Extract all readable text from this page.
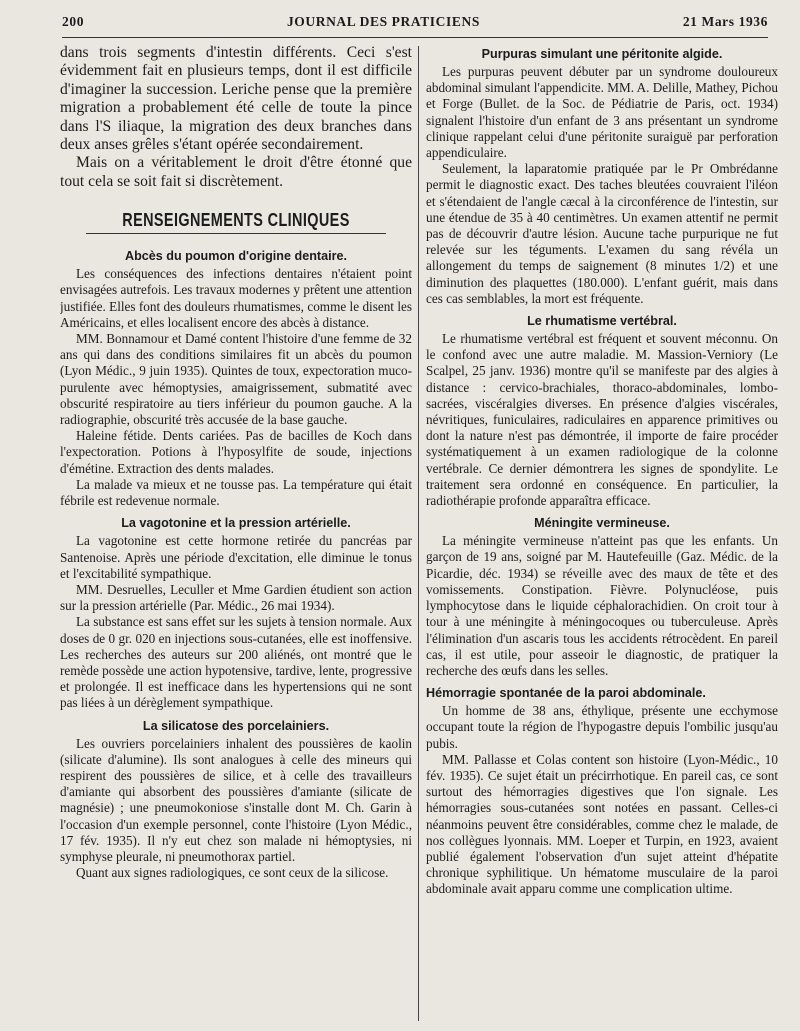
200	JOURNAL DES PRATICIENS	21 Mars 1936

dans trois segments d'intestin différents. Ceci s'est évidemment fait en plusieurs temps, dont il est difficile d'imaginer la succession. Leriche pense que la première migration a probablement été celle de toute la pince dans l'S iliaque, la migration des deux branches dans deux anses grêles s'étant opérée secondairement.

Mais on a véritablement le droit d'être étonné que tout cela se soit fait si discrètement.

RENSEIGNEMENTS CLINIQUES
Abcès du poumon d'origine dentaire.

Les conséquences des infections dentaires n'étaient point envisagées autrefois. Les travaux modernes y prêtent une attention justifiée. Elles font des douleurs rhumatismes, comme le disent les Américains, et elles localisent encore des abcès à distance.

MM. Bonnamour et Damé content l'histoire d'une femme de 32 ans qui dans des conditions similaires fit un abcès du poumon (Lyon Médic., 9 juin 1935). Quintes de toux, expectoration muco-purulente avec hémoptysies, amaigrissement, submatité avec obscurité respiratoire au tiers inférieur du poumon gauche. A la radiographie, obscurité très accusée de la base gauche.

Haleine fétide. Dents cariées. Pas de bacilles de Koch dans l'expectoration. Potions à l'hyposylfite de soude, injections d'émétine. Extraction des dents malades.

La malade va mieux et ne tousse pas. La température qui était fébrile est redevenue normale.

La vagotonine et la pression artérielle.

La vagotonine est cette hormone retirée du pancréas par Santenoise. Après une période d'excitation, elle diminue le tonus et l'excitabilité sympathique.

MM. Desruelles, Leculler et Mme Gardien étudient son action sur la pression artérielle (Par. Médic., 26 mai 1934).

La substance est sans effet sur les sujets à tension normale. Aux doses de 0 gr. 020 en injections sous-cutanées, elle est inoffensive. Les recherches des auteurs sur 200 aliénés, ont montré que le remède possède une action hypotensive, tardive, lente, progressive et prolongée. Il est inefficace dans les hypertensions qui ne sont pas liées à un dérèglement sympathique.

La silicatose des porcelainiers.

Les ouvriers porcelainiers inhalent des poussières de kaolin (silicate d'alumine). Ils sont analogues à celle des mineurs qui respirent des poussières de silice, et à celle des travailleurs d'amiante qui absorbent des poussières d'amiante (silicate de magnésie) ; une pneumokoniose s'installe dont M. Ch. Garin à l'occasion d'un exemple personnel, conte l'histoire (Lyon Médic., 17 fév. 1935). Il n'y eut chez son malade ni hémoptysies, ni symphyse pleurale, ni pneumothorax partiel.

Quant aux signes radiologiques, ce sont ceux de la silicose.

Purpuras simulant une péritonite algide.

Les purpuras peuvent débuter par un syndrome douloureux abdominal simulant l'appendicite. MM. A. Delille, Mathey, Pichou et Forge (Bullet. de la Soc. de Pédiatrie de Paris, oct. 1934) signalent l'histoire d'un enfant de 3 ans présentant un syndrome clinique rappelant celui d'une péritonite suraiguë par perforation appendiculaire.

Seulement, la laparatomie pratiquée par le Pr Ombrédanne permit le diagnostic exact. Des taches bleutées couvraient l'iléon et s'étendaient de l'angle cæcal à la circonférence de l'intestin, sur une étendue de 35 à 40 centimètres. Un examen attentif ne permit pas de découvrir d'autre lésion. Aucune tache purpurique ne fut relevée sur les téguments. L'examen du sang révéla un allongement du temps de saignement (8 minutes 1/2) et une diminution des plaquettes (180.000). L'enfant guérit, mais dans ces cas semblables, la mort est fréquente.

Le rhumatisme vertébral.

Le rhumatisme vertébral est fréquent et souvent méconnu. On le confond avec une autre maladie. M. Massion-Verniory (Le Scalpel, 25 janv. 1936) montre qu'il se manifeste par des algies à distance : cervico-brachiales, thoraco-abdominales, lombo-sacrées, viscéralgies diverses. En présence d'algies viscérales, névritiques, funiculaires, radiculaires en apparence primitives ou dont la nature n'est pas démontrée, il importe de faire procéder systématiquement à un examen radiologique de la colonne vertébrale. Ce dernier démontrera les signes de spondylite. Le traitement sera ordonné en conséquence. En particulier, la radiothérapie profonde apparaîtra efficace.

Méningite vermineuse.

La méningite vermineuse n'atteint pas que les enfants. Un garçon de 19 ans, soigné par M. Hautefeuille (Gaz. Médic. de la Picardie, déc. 1934) se réveille avec des maux de tête et des vomissements. Constipation. Fièvre. Polynucléose, puis lymphocytose dans le liquide céphalorachidien. On croit tour à tour à une méningite à méningocoques ou tuberculeuse. Après l'élimination d'un ascaris tous les accidents rétrocèdent. En pareil cas, il est utile, pour asseoir le diagnostic, de pratiquer la recherche des œufs dans les selles.

Hémorragie spontanée de la paroi abdominale.

Un homme de 38 ans, éthylique, présente une ecchymose occupant toute la région de l'hypogastre depuis l'ombilic jusqu'au pubis.

MM. Pallasse et Colas content son histoire (Lyon-Médic., 10 fév. 1935). Ce sujet était un précirrhotique. En pareil cas, ce sont surtout des hémorragies digestives que l'on signale. Les hémorragies sous-cutanées sont notées en passant. Celles-ci néanmoins peuvent être considérables, comme chez le malade, de nos collègues lyonnais. MM. Loeper et Turpin, en 1923, avaient publié également l'observation d'un sujet atteint d'hépatite chronique syphilitique. Un hématome musculaire de la paroi abdominale avait apparu comme une complication ultime.
